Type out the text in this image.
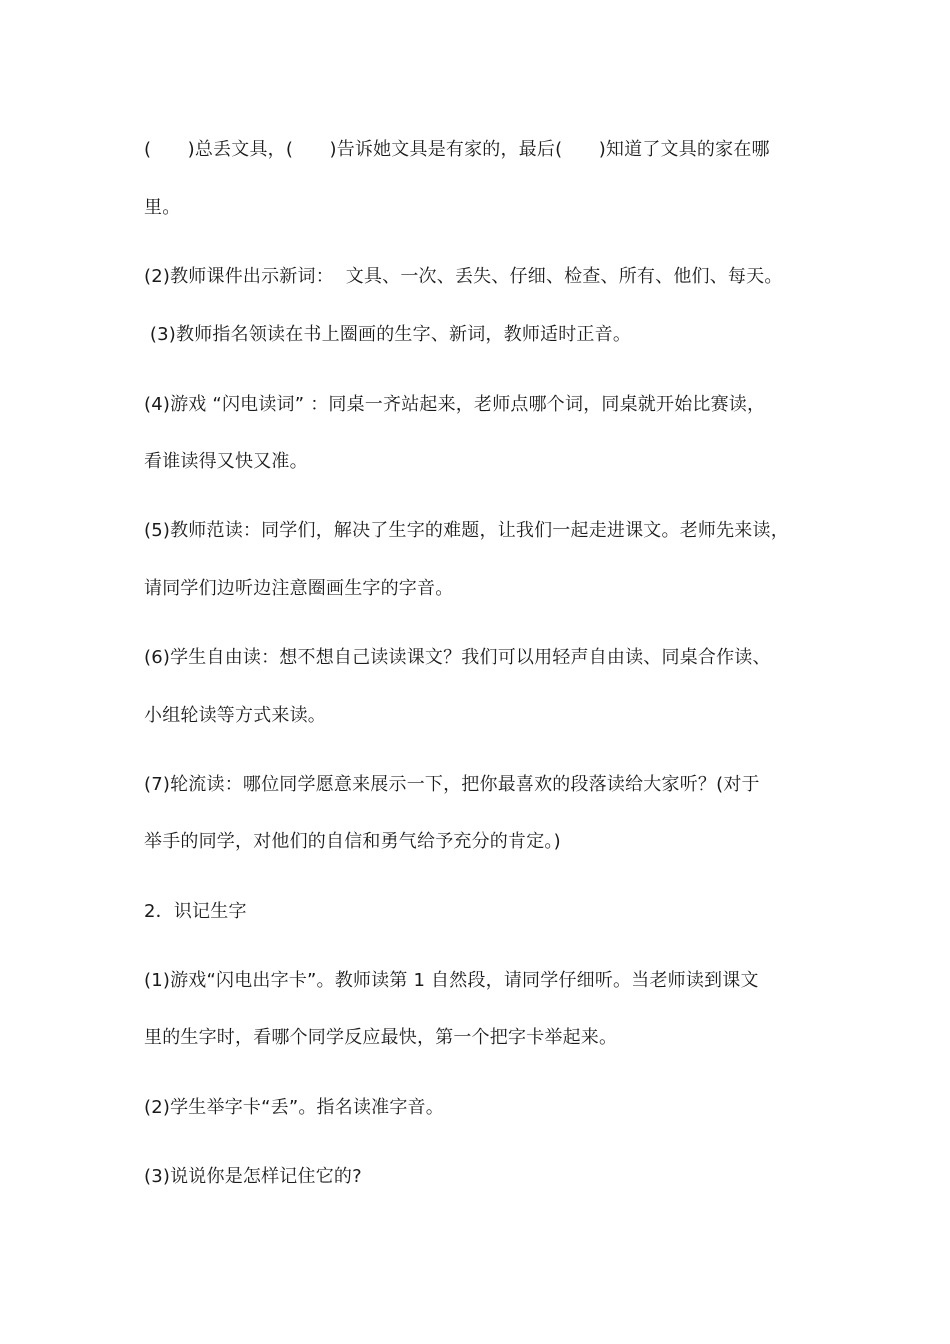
(　　)总丢文具，(　　)告诉她文具是有家的，最后(　　)知道了文具的家在哪
里。
(2)教师课件出示新词：  文具、一次、丢失、仔细、检查、所有、他们、每天。
(3)教师指名领读在书上圈画的生字、新词，教师适时正音。
(4)游戏 “闪电读词” ：同桌一齐站起来，老师点哪个词，同桌就开始比赛读，
看谁读得又快又准。
(5)教师范读：同学们，解决了生字的难题，让我们一起走进课文。老师先来读，
请同学们边听边注意圈画生字的字音。
(6)学生自由读：想不想自己读读课文？我们可以用轻声自由读、同桌合作读、
小组轮读等方式来读。
(7)轮流读：哪位同学愿意来展示一下，把你最喜欢的段落读给大家听？(对于
举手的同学，对他们的自信和勇气给予充分的肯定。)
2．识记生字
(1)游戏“闪电出字卡”。教师读第 1 自然段，请同学仔细听。当老师读到课文
里的生字时，看哪个同学反应最快，第一个把字卡举起来。
(2)学生举字卡“丢”。指名读准字音。
(3)说说你是怎样记住它的?
